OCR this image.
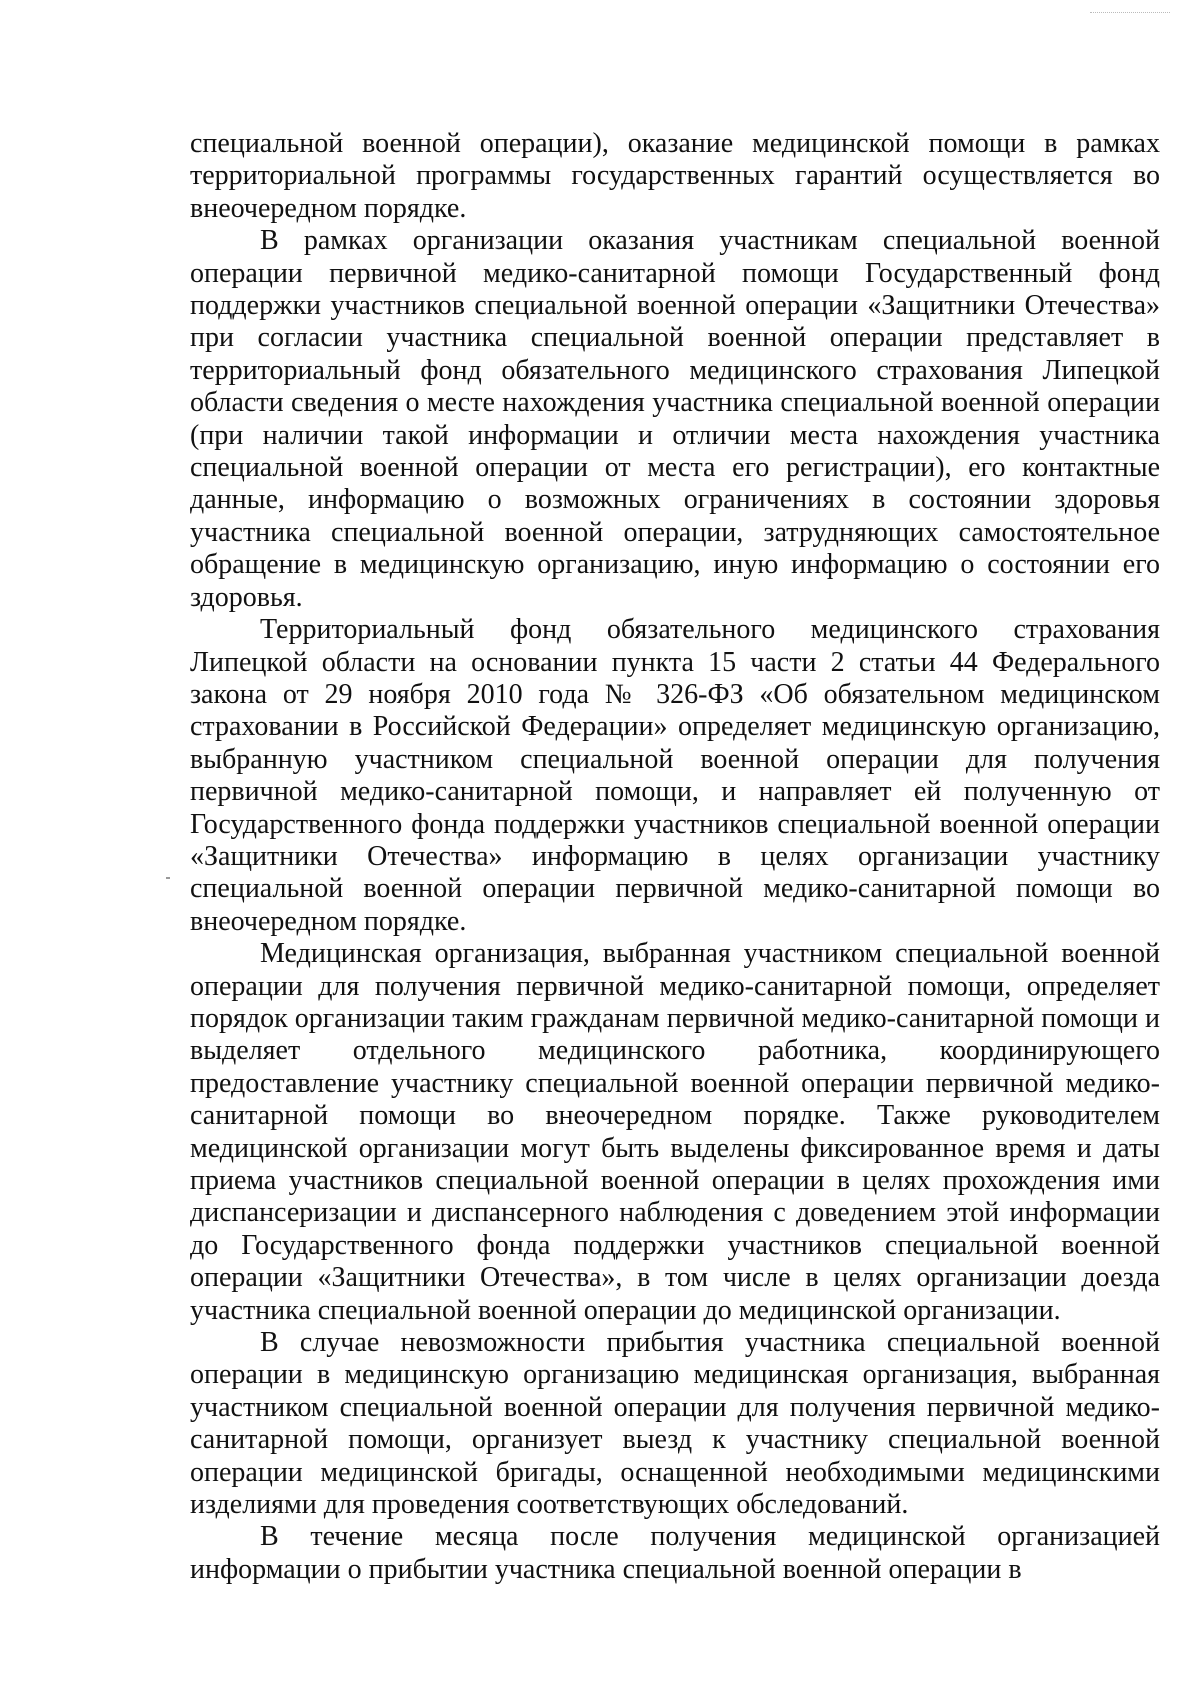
специальной военной операции), оказание медицинской помощи в рамках территориальной программы государственных гарантий осуществляется во внеочередном порядке.

В рамках организации оказания участникам специальной военной операции первичной медико-санитарной помощи Государственный фонд поддержки участников специальной военной операции «Защитники Отечества» при согласии участника специальной военной операции представляет в территориальный фонд обязательного медицинского страхования Липецкой области сведения о месте нахождения участника специальной военной операции (при наличии такой информации и отличии места нахождения участника специальной военной операции от места его регистрации), его контактные данные, информацию о возможных ограничениях в состоянии здоровья участника специальной военной операции, затрудняющих самостоятельное обращение в медицинскую организацию, иную информацию о состоянии его здоровья.

Территориальный фонд обязательного медицинского страхования Липецкой области на основании пункта 15 части 2 статьи 44 Федерального закона от 29 ноября 2010 года № 326-ФЗ «Об обязательном медицинском страховании в Российской Федерации» определяет медицинскую организацию, выбранную участником специальной военной операции для получения первичной медико-санитарной помощи, и направляет ей полученную от Государственного фонда поддержки участников специальной военной операции «Защитники Отечества» информацию в целях организации участнику специальной военной операции первичной медико-санитарной помощи во внеочередном порядке.

Медицинская организация, выбранная участником специальной военной операции для получения первичной медико-санитарной помощи, определяет порядок организации таким гражданам первичной медико-санитарной помощи и выделяет отдельного медицинского работника, координирующего предоставление участнику специальной военной операции первичной медико-санитарной помощи во внеочередном порядке. Также руководителем медицинской организации могут быть выделены фиксированное время и даты приема участников специальной военной операции в целях прохождения ими диспансеризации и диспансерного наблюдения с доведением этой информации до Государственного фонда поддержки участников специальной военной операции «Защитники Отечества», в том числе в целях организации доезда участника специальной военной операции до медицинской организации.

В случае невозможности прибытия участника специальной военной операции в медицинскую организацию медицинская организация, выбранная участником специальной военной операции для получения первичной медико-санитарной помощи, организует выезд к участнику специальной военной операции медицинской бригады, оснащенной необходимыми медицинскими изделиями для проведения соответствующих обследований.

В течение месяца после получения медицинской организацией информации о прибытии участника специальной военной операции в
